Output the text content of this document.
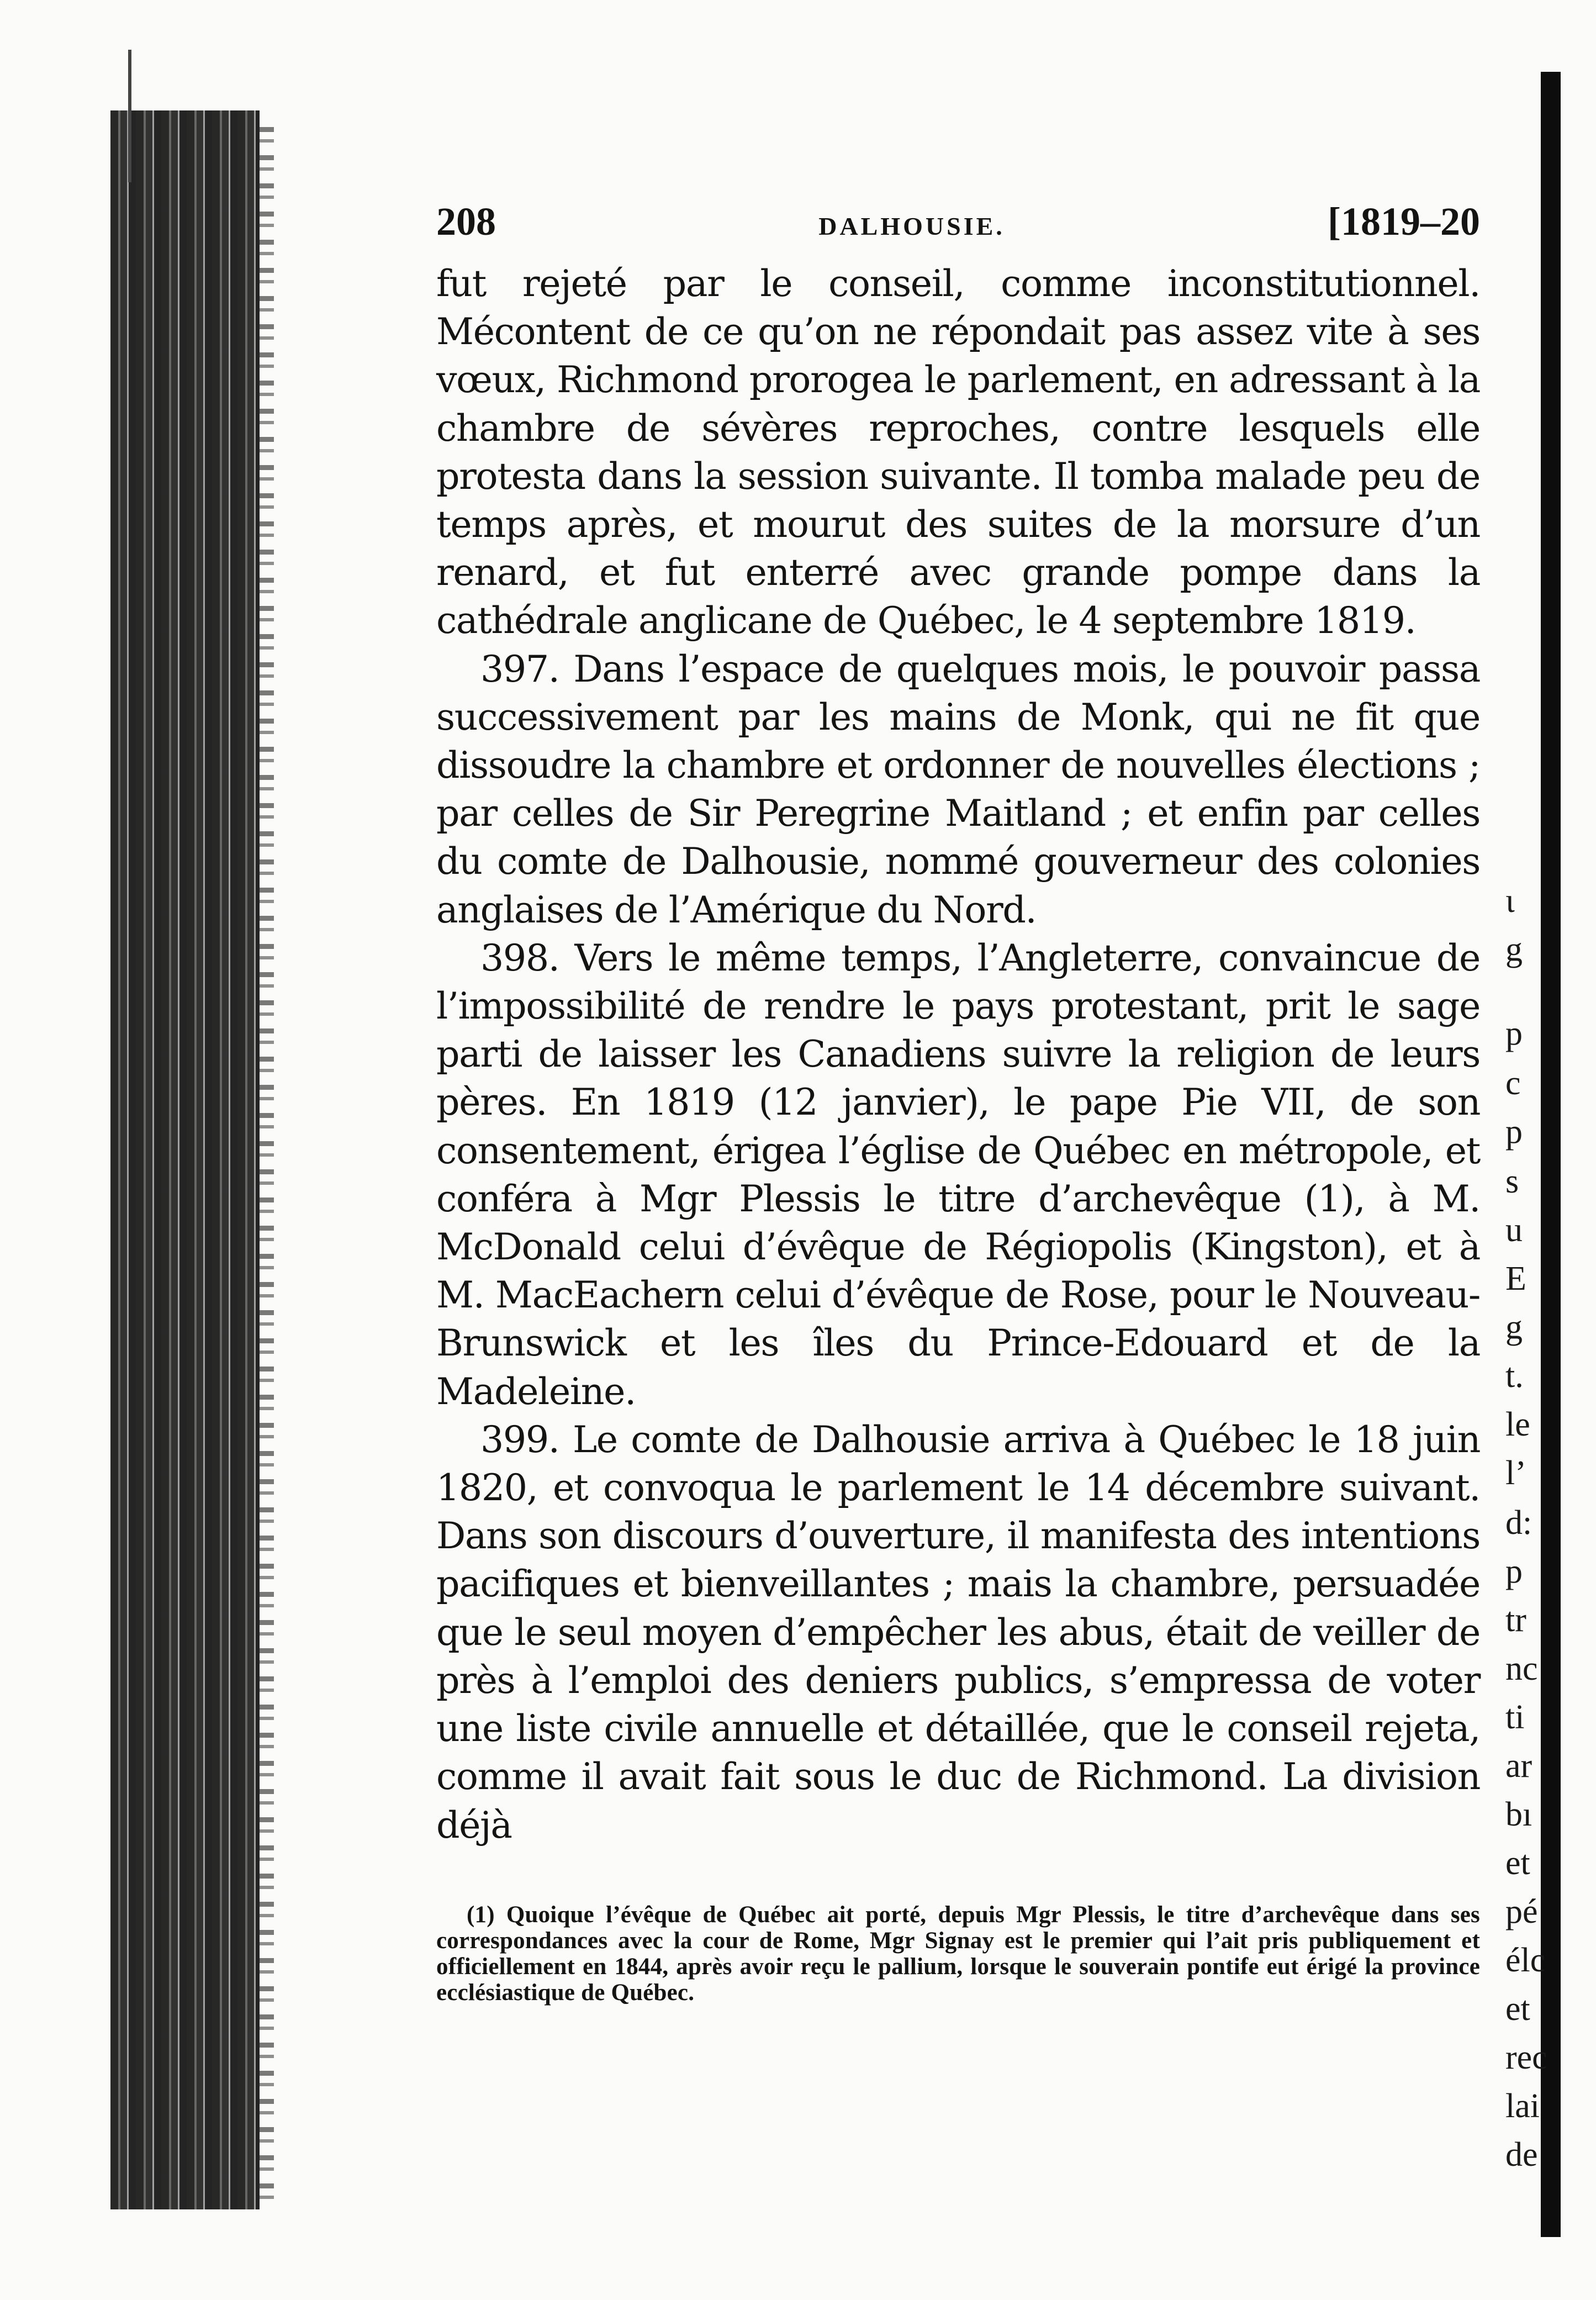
ι
g
p
c
p
s
u
E
g
t.
le
l’
d:
p
tr
nc
ti
ar
bı
et
pé
élc
et
rec
lai
de
208	DALHOUSIE.	[1819–20

fut rejeté par le conseil, comme inconstitutionnel. Mécontent de ce qu’on ne répondait pas assez vite à ses vœux, Richmond prorogea le parlement, en adressant à la chambre de sévères reproches, contre lesquels elle protesta dans la session suivante. Il tomba malade peu de temps après, et mourut des suites de la morsure d’un renard, et fut enterré avec grande pompe dans la cathédrale anglicane de Québec, le 4 septembre 1819.

397. Dans l’espace de quelques mois, le pouvoir passa successivement par les mains de Monk, qui ne fit que dissoudre la chambre et ordonner de nouvelles élections ; par celles de Sir Peregrine Maitland ; et enfin par celles du comte de Dalhousie, nommé gouverneur des colonies anglaises de l’Amérique du Nord.

398. Vers le même temps, l’Angleterre, convaincue de l’impossibilité de rendre le pays protestant, prit le sage parti de laisser les Canadiens suivre la religion de leurs pères. En 1819 (12 janvier), le pape Pie VII, de son consentement, érigea l’église de Québec en métropole, et conféra à Mgr Plessis le titre d’archevêque (1), à M. McDonald celui d’évêque de Régiopolis (Kingston), et à M. MacEachern celui d’évêque de Rose, pour le Nouveau-Brunswick et les îles du Prince-Edouard et de la Madeleine.

399. Le comte de Dalhousie arriva à Québec le 18 juin 1820, et convoqua le parlement le 14 décembre suivant. Dans son discours d’ouverture, il manifesta des intentions pacifiques et bienveillantes ; mais la chambre, persuadée que le seul moyen d’empêcher les abus, était de veiller de près à l’emploi des deniers publics, s’empressa de voter une liste civile annuelle et détaillée, que le conseil rejeta, comme il avait fait sous le duc de Richmond. La division déjà

(1) Quoique l’évêque de Québec ait porté, depuis Mgr Plessis, le titre d’archevêque dans ses correspondances avec la cour de Rome, Mgr Signay est le premier qui l’ait pris publiquement et officiellement en 1844, après avoir reçu le pallium, lorsque le souverain pontife eut érigé la province ecclésiastique de Québec.
